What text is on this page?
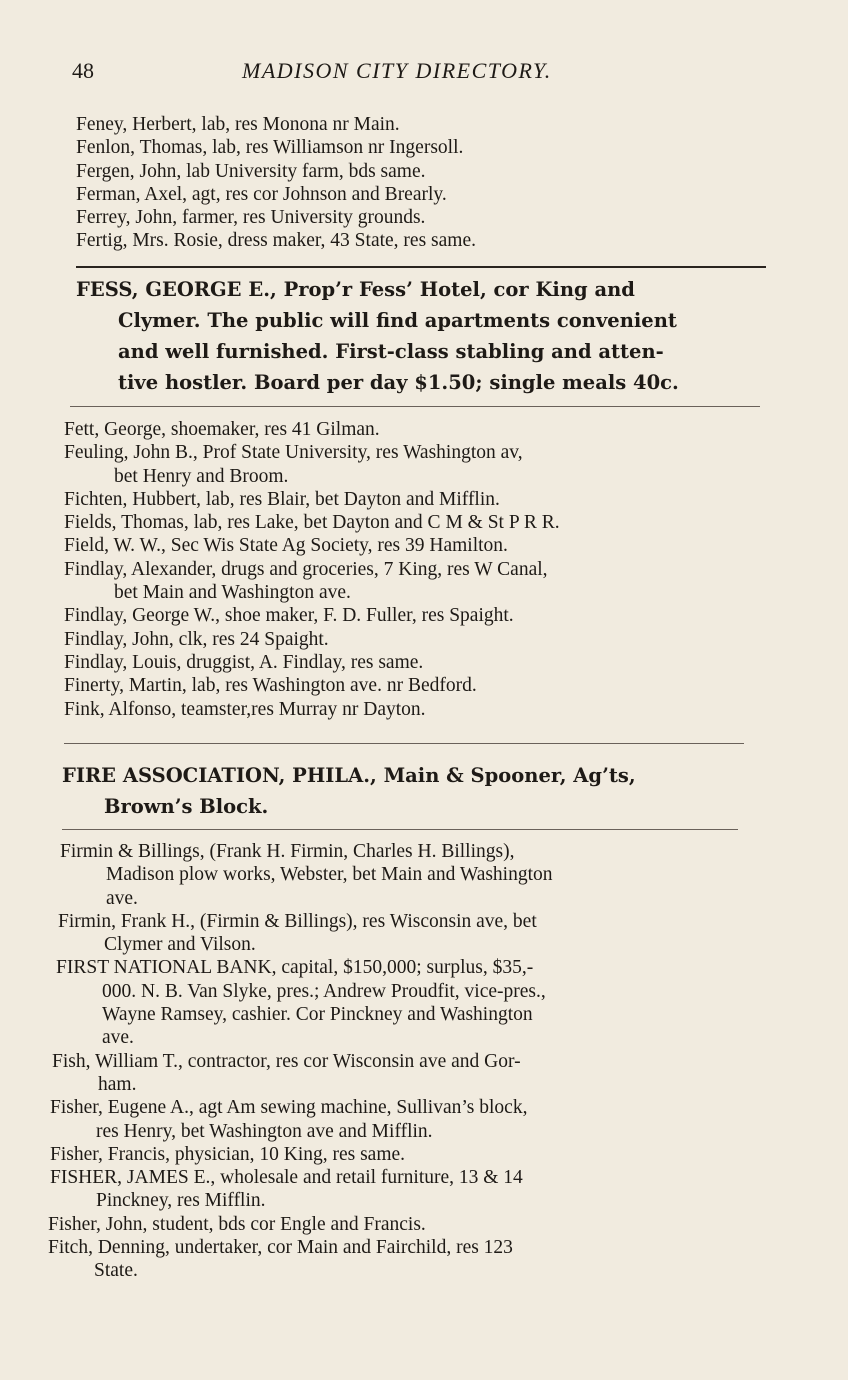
48	MADISON CITY DIRECTORY.
Feney, Herbert, lab, res Monona nr Main.
Fenlon, Thomas, lab, res Williamson nr Ingersoll.
Fergen, John, lab University farm, bds same.
Ferman, Axel, agt, res cor Johnson and Brearly.
Ferrey, John, farmer, res University grounds.
Fertig, Mrs. Rosie, dress maker, 43 State, res same.
FESS, GEORGE E., Prop’r Fess’ Hotel, cor King and
Clymer. The public will find apartments convenient
and well furnished. First-class stabling and atten-
tive hostler. Board per day $1.50; single meals 40c.
Fett, George, shoemaker, res 41 Gilman.
Feuling, John B., Prof State University, res Washington av,
bet Henry and Broom.
Fichten, Hubbert, lab, res Blair, bet Dayton and Mifflin.
Fields, Thomas, lab, res Lake, bet Dayton and C M & St P R R.
Field, W. W., Sec Wis State Ag Society, res 39 Hamilton.
Findlay, Alexander, drugs and groceries, 7 King, res W Canal,
bet Main and Washington ave.
Findlay, George W., shoe maker, F. D. Fuller, res Spaight.
Findlay, John, clk, res 24 Spaight.
Findlay, Louis, druggist, A. Findlay, res same.
Finerty, Martin, lab, res Washington ave. nr Bedford.
Fink, Alfonso, teamster,res Murray nr Dayton.
FIRE ASSOCIATION, PHILA., Main & Spooner, Ag’ts,
Brown’s Block.
Firmin & Billings, (Frank H. Firmin, Charles H. Billings),
Madison plow works, Webster, bet Main and Washington
ave.
Firmin, Frank H., (Firmin & Billings), res Wisconsin ave, bet
Clymer and Vilson.
FIRST NATIONAL BANK, capital, $150,000; surplus, $35,-
000. N. B. Van Slyke, pres.; Andrew Proudfit, vice-pres.,
Wayne Ramsey, cashier. Cor Pinckney and Washington
ave.
Fish, William T., contractor, res cor Wisconsin ave and Gor-
ham.
Fisher, Eugene A., agt Am sewing machine, Sullivan’s block,
res Henry, bet Washington ave and Mifflin.
Fisher, Francis, physician, 10 King, res same.
FISHER, JAMES E., wholesale and retail furniture, 13 & 14
Pinckney, res Mifflin.
Fisher, John, student, bds cor Engle and Francis.
Fitch, Denning, undertaker, cor Main and Fairchild, res 123
State.
